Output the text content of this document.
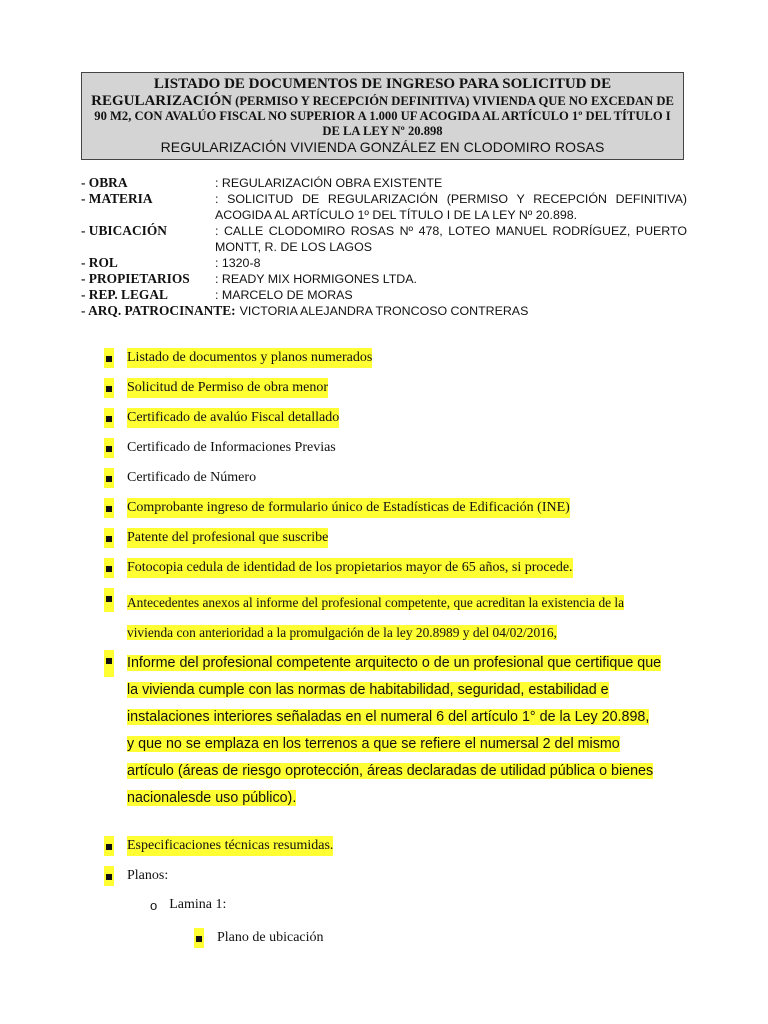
LISTADO DE DOCUMENTOS DE INGRESO PARA SOLICITUD DE
REGULARIZACIÓN (PERMISO Y RECEPCIÓN DEFINITIVA) VIVIENDA QUE NO EXCEDAN DE
90 M2, CON AVALÚO FISCAL NO SUPERIOR A 1.000 UF ACOGIDA AL ARTÍCULO 1º DEL TÍTULO I
DE LA LEY Nº 20.898
REGULARIZACIÓN VIVIENDA GONZÁLEZ EN CLODOMIRO ROSAS
- OBRA	: REGULARIZACIÓN OBRA EXISTENTE
- MATERIA	: SOLICITUD DE REGULARIZACIÓN (PERMISO Y RECEPCIÓN DEFINITIVA) ACOGIDA AL ARTÍCULO 1º DEL TÍTULO I DE LA LEY Nº 20.898.
- UBICACIÓN	: CALLE CLODOMIRO ROSAS Nº 478, LOTEO MANUEL RODRÍGUEZ, PUERTO MONTT, R. DE LOS LAGOS
- ROL	: 1320-8
- PROPIETARIOS	: READY MIX HORMIGONES LTDA.
- REP. LEGAL	: MARCELO DE MORAS
- ARQ. PATROCINANTE: VICTORIA ALEJANDRA TRONCOSO CONTRERAS
Listado de documentos y planos numerados
Solicitud de Permiso de obra menor
Certificado de avalúo Fiscal detallado
Certificado de Informaciones Previas
Certificado de Número
Comprobante ingreso de formulario único de Estadísticas de Edificación (INE)
Patente del profesional que suscribe
Fotocopia cedula de identidad de los propietarios mayor de 65 años, si procede.
Antecedentes anexos al informe del profesional competente, que acreditan la existencia de la
vivienda con anterioridad a la promulgación de la ley 20.8989 y del 04/02/2016,
Informe del profesional competente arquitecto o de un profesional que certifique que
la vivienda cumple con las normas de habitabilidad, seguridad, estabilidad e
instalaciones interiores señaladas en el numeral 6 del artículo 1° de la Ley 20.898,
y que no se emplaza en los terrenos a que se refiere el numersal 2 del mismo
artículo (áreas de riesgo oprotección, áreas declaradas de utilidad pública o bienes
nacionalesde uso público).
Especificaciones técnicas resumidas.
Planos:
o Lamina 1:
Plano de ubicación
